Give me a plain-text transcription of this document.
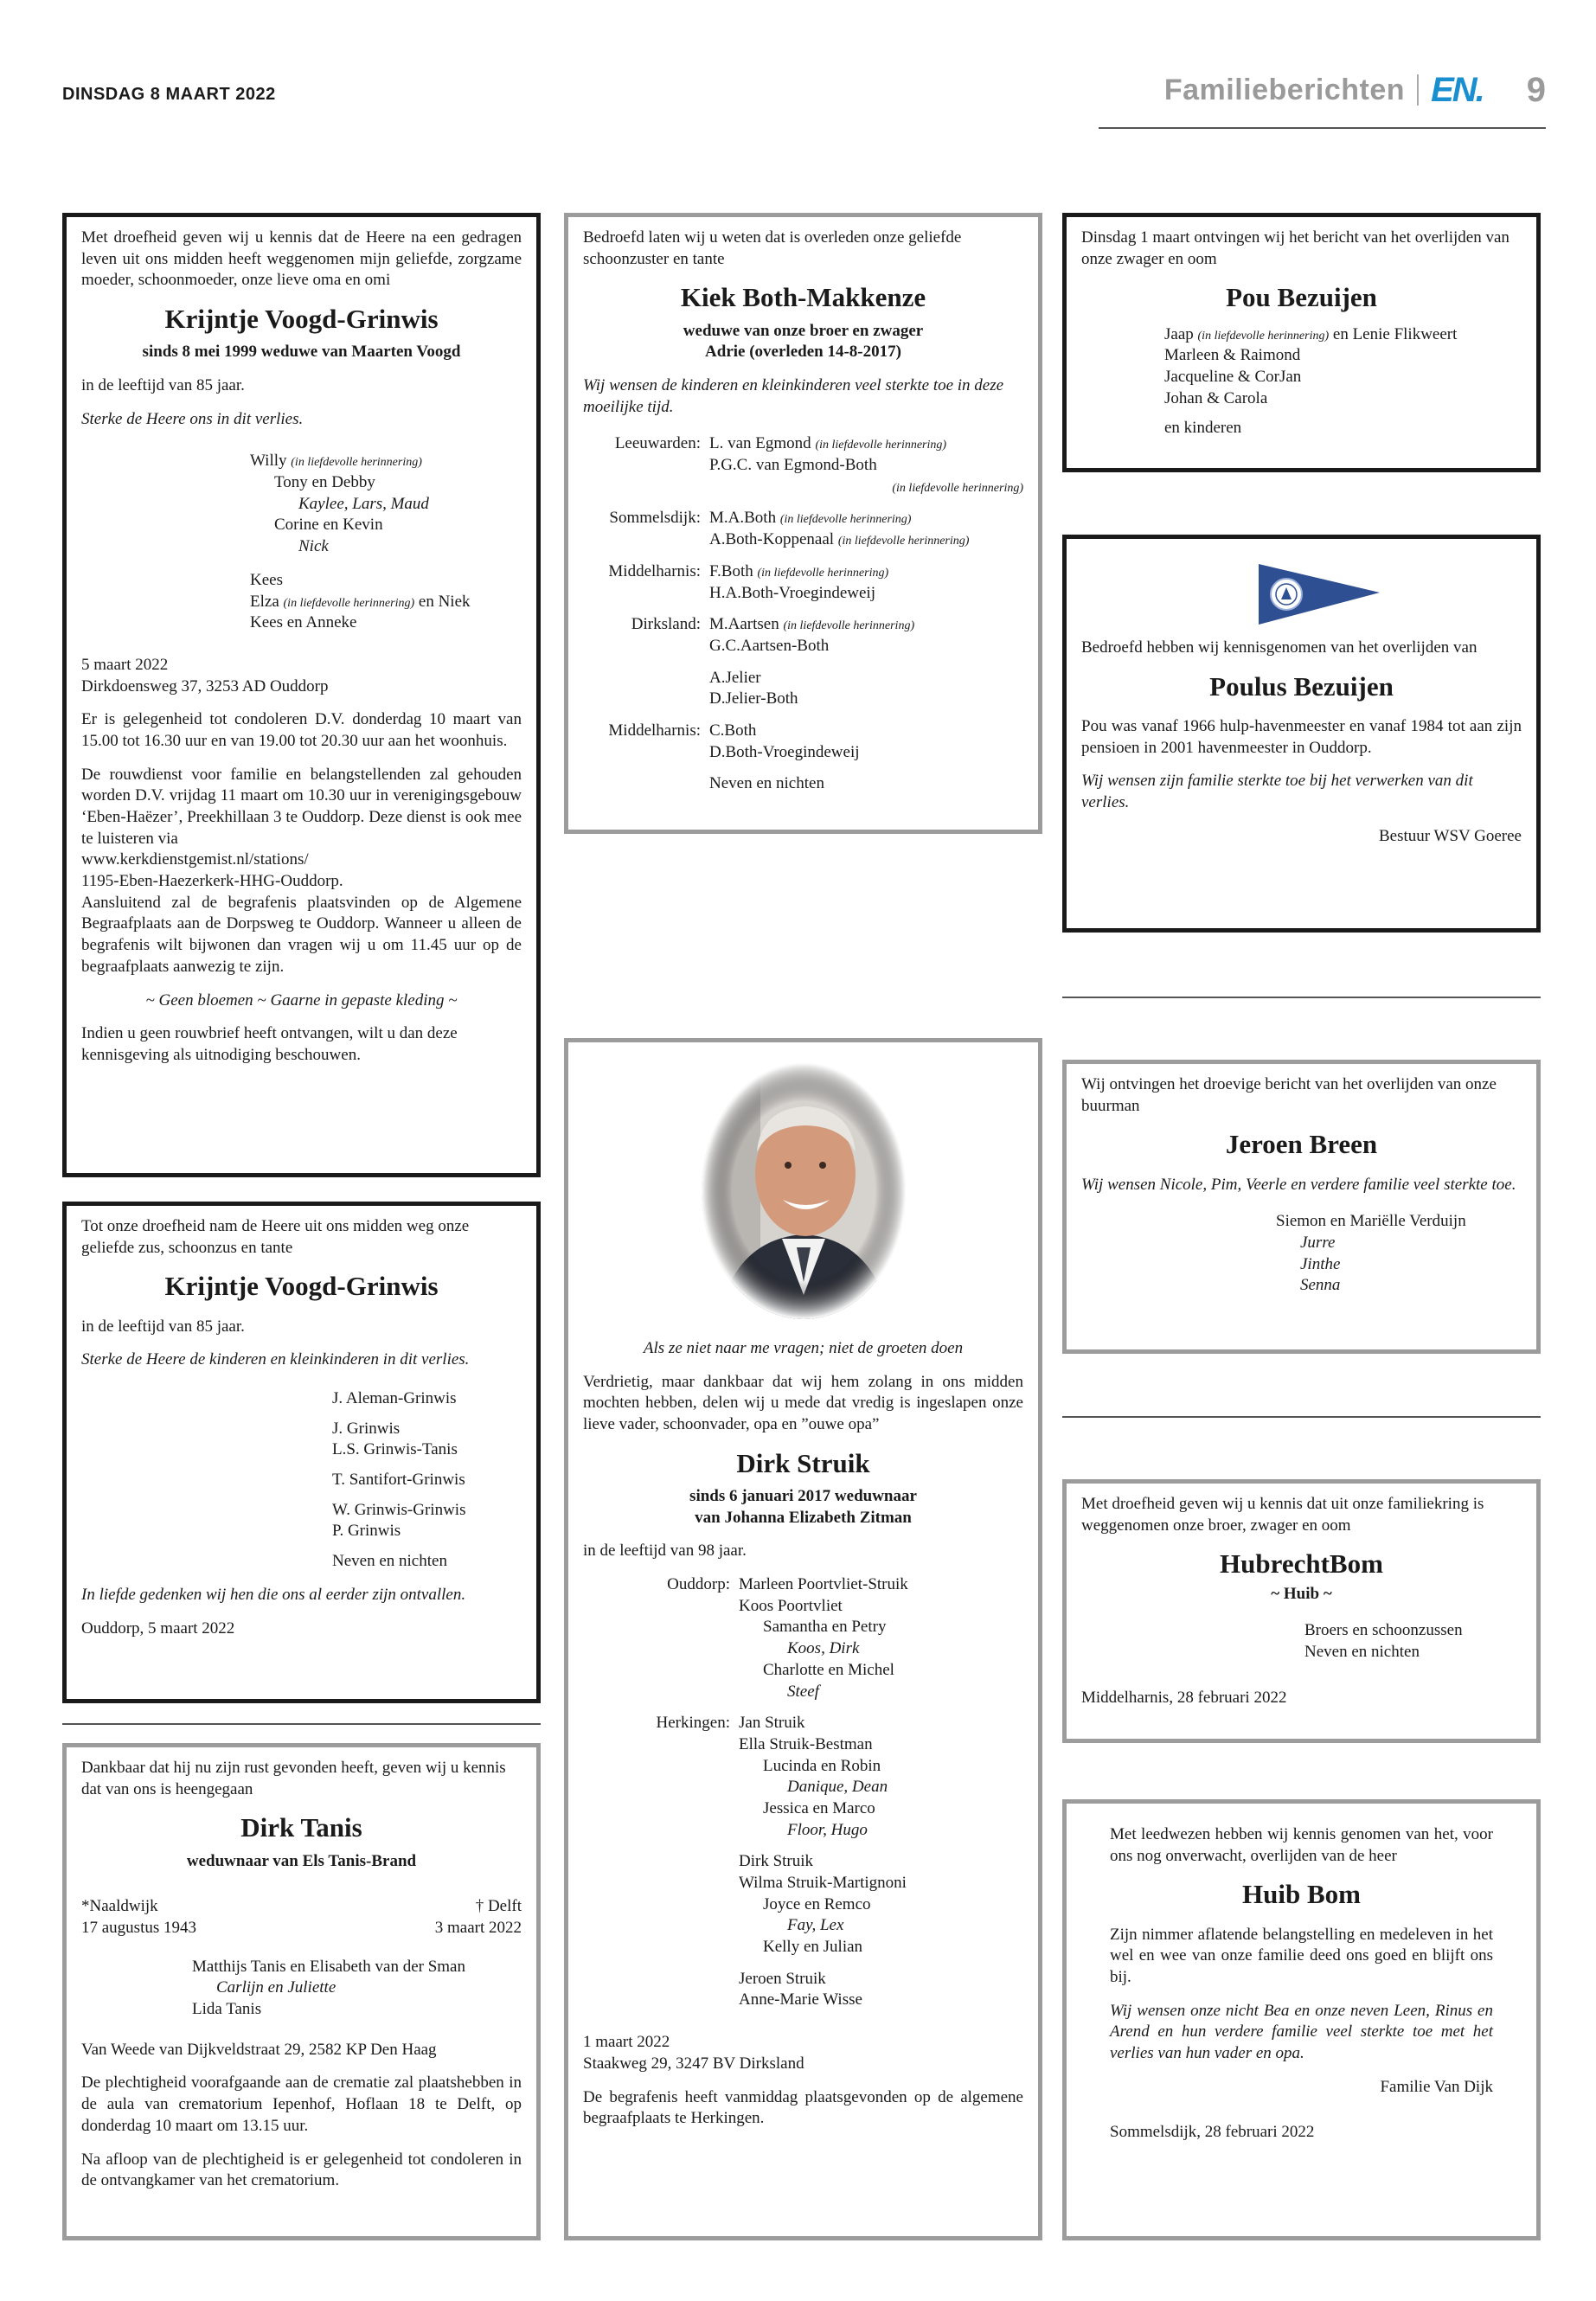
DINSDAG 8 MAART 2022	Familieberichten EN. 9
Met droefheid geven wij u kennis dat de Heere na een gedragen leven uit ons midden heeft weggenomen mijn geliefde, zorgzame moeder, schoonmoeder, onze lieve oma en omi
Krijntje Voogd-Grinwis
sinds 8 mei 1999 weduwe van Maarten Voogd
in de leeftijd van 85 jaar.
Sterke de Heere ons in dit verlies.
Willy (in liefdevolle herinnering)
Tony en Debby
Kaylee, Lars, Maud
Corine en Kevin
Nick
Kees
Elza (in liefdevolle herinnering) en Niek
Kees en Anneke
5 maart 2022
Dirkdoensweg 37, 3253 AD Ouddorp
Er is gelegenheid tot condoleren D.V. donderdag 10 maart van 15.00 tot 16.30 uur en van 19.00 tot 20.30 uur aan het woonhuis.
De rouwdienst voor familie en belangstellenden zal gehouden worden D.V. vrijdag 11 maart om 10.30 uur in verenigingsgebouw ‘Eben-Haëzer’, Preekhillaan 3 te Ouddorp. Deze dienst is ook mee te luisteren via
www.kerkdienstgemist.nl/stations/
1195-Eben-Haezerkerk-HHG-Ouddorp.
Aansluitend zal de begrafenis plaatsvinden op de Algemene Begraafplaats aan de Dorpsweg te Ouddorp. Wanneer u alleen de begrafenis wilt bijwonen dan vragen wij u om 11.45 uur op de begraafplaats aanwezig te zijn.
~ Geen bloemen ~ Gaarne in gepaste kleding ~
Indien u geen rouwbrief heeft ontvangen, wilt u dan deze kennisgeving als uitnodiging beschouwen.
Tot onze droefheid nam de Heere uit ons midden weg onze geliefde zus, schoonzus en tante
Krijntje Voogd-Grinwis
in de leeftijd van 85 jaar.
Sterke de Heere de kinderen en kleinkinderen in dit verlies.
J. Aleman-Grinwis
J. Grinwis
L.S. Grinwis-Tanis
T. Santifort-Grinwis
W. Grinwis-Grinwis
P. Grinwis
Neven en nichten
In liefde gedenken wij hen die ons al eerder zijn ontvallen.
Ouddorp, 5 maart 2022
Dankbaar dat hij nu zijn rust gevonden heeft, geven wij u kennis dat van ons is heengegaan
Dirk Tanis
weduwnaar van Els Tanis-Brand
*Naaldwijk	† Delft
17 augustus 1943	3 maart 2022
Matthijs Tanis en Elisabeth van der Sman
Carlijn en Juliette
Lida Tanis
Van Weede van Dijkveldstraat 29, 2582 KP Den Haag
De plechtigheid voorafgaande aan de crematie zal plaatshebben in de aula van crematorium Iepenhof, Hoflaan 18 te Delft, op donderdag 10 maart om 13.15 uur.
Na afloop van de plechtigheid is er gelegenheid tot condoleren in de ontvangkamer van het crematorium.
Bedroefd laten wij u weten dat is overleden onze geliefde schoonzuster en tante
Kiek Both-Makkenze
weduwe van onze broer en zwager
Adrie (overleden 14-8-2017)
Wij wensen de kinderen en kleinkinderen veel sterkte toe in deze moeilijke tijd.
Leeuwarden: L. van Egmond (in liefdevolle herinnering)
P.G.C. van Egmond-Both
(in liefdevolle herinnering)
Sommelsdijk: M.A.Both (in liefdevolle herinnering)
A.Both-Koppenaal (in liefdevolle herinnering)
Middelharnis: F.Both (in liefdevolle herinnering)
H.A.Both-Vroegindeweij
Dirksland: M.Aartsen (in liefdevolle herinnering)
G.C.Aartsen-Both
A.Jelier
D.Jelier-Both
Middelharnis: C.Both
D.Both-Vroegindeweij
Neven en nichten
Als ze niet naar me vragen; niet de groeten doen
Verdrietig, maar dankbaar dat wij hem zolang in ons midden mochten hebben, delen wij u mede dat vredig is ingeslapen onze lieve vader, schoonvader, opa en ”ouwe opa”
Dirk Struik
sinds 6 januari 2017 weduwnaar
van Johanna Elizabeth Zitman
in de leeftijd van 98 jaar.
Ouddorp: Marleen Poortvliet-Struik
Koos Poortvliet
Samantha en Petry
Koos, Dirk
Charlotte en Michel
Steef
Herkingen: Jan Struik
Ella Struik-Bestman
Lucinda en Robin
Danique, Dean
Jessica en Marco
Floor, Hugo
Dirk Struik
Wilma Struik-Martignoni
Joyce en Remco
Fay, Lex
Kelly en Julian
Jeroen Struik
Anne-Marie Wisse
1 maart 2022
Staakweg 29, 3247 BV Dirksland
De begrafenis heeft vanmiddag plaatsgevonden op de algemene begraafplaats te Herkingen.
Dinsdag 1 maart ontvingen wij het bericht van het overlijden van onze zwager en oom
Pou Bezuijen
Jaap (in liefdevolle herinnering) en Lenie Flikweert
Marleen & Raimond
Jacqueline & CorJan
Johan & Carola
en kinderen
Bedroefd hebben wij kennisgenomen van het overlijden van
Poulus Bezuijen
Pou was vanaf 1966 hulp-havenmeester en vanaf 1984 tot aan zijn pensioen in 2001 havenmeester in Ouddorp.
Wij wensen zijn familie sterkte toe bij het verwerken van dit verlies.
Bestuur WSV Goeree
Wij ontvingen het droevige bericht van het overlijden van onze buurman
Jeroen Breen
Wij wensen Nicole, Pim, Veerle en verdere familie veel sterkte toe.
Siemon en Mariëlle Verduijn
Jurre
Jinthe
Senna
Met droefheid geven wij u kennis dat uit onze familiekring is weggenomen onze broer, zwager en oom
HubrechtBom
~ Huib ~
Broers en schoonzussen
Neven en nichten
Middelharnis, 28 februari 2022
Met leedwezen hebben wij kennis genomen van het, voor ons nog onverwacht, overlijden van de heer
Huib Bom
Zijn nimmer aflatende belangstelling en medeleven in het wel en wee van onze familie deed ons goed en blijft ons bij.
Wij wensen onze nicht Bea en onze neven Leen, Rinus en Arend en hun verdere familie veel sterkte toe met het verlies van hun vader en opa.
Familie Van Dijk
Sommelsdijk, 28 februari 2022
